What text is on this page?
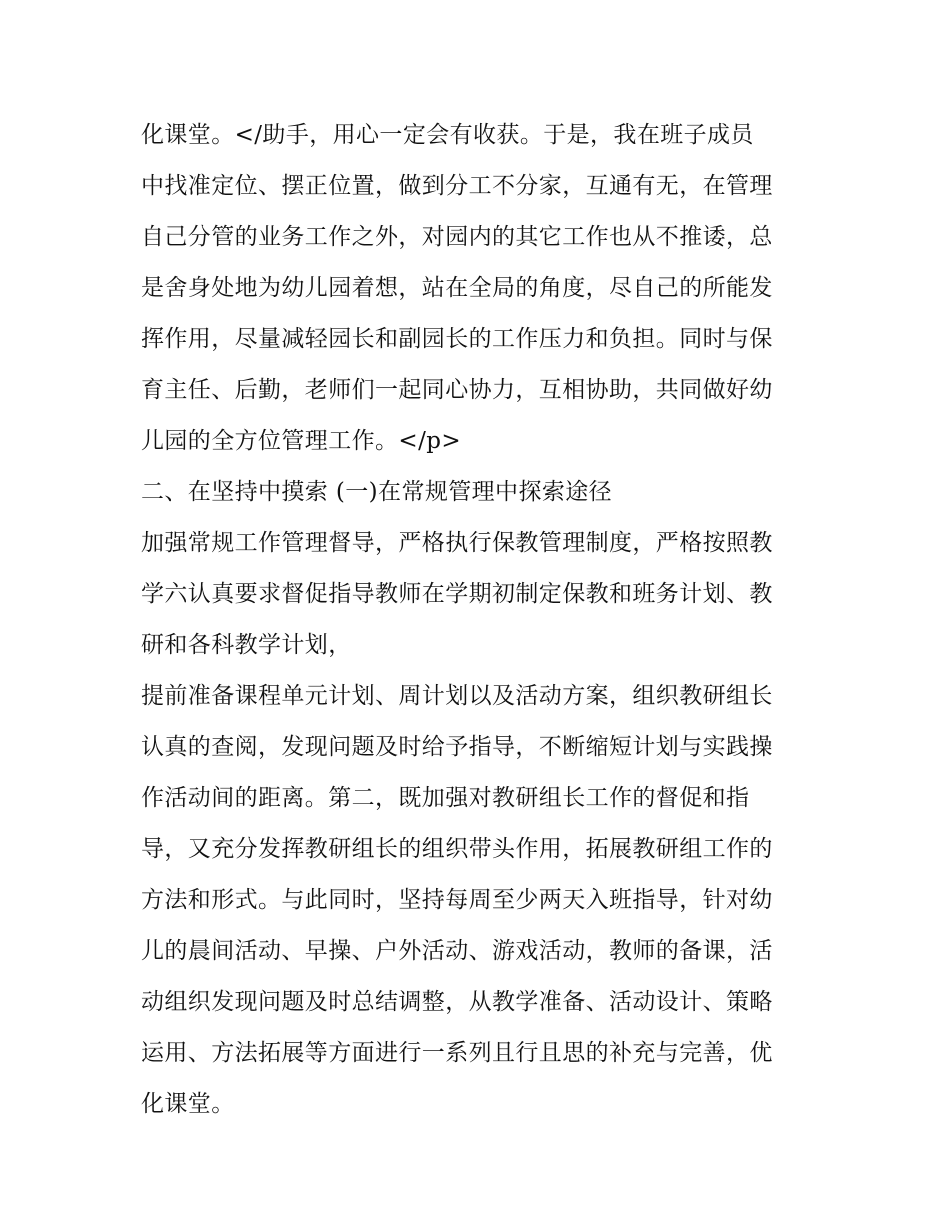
化课堂。</助手，用心一定会有收获。于是，我在班子成员
中找准定位、摆正位置，做到分工不分家，互通有无，在管理
自己分管的业务工作之外，对园内的其它工作也从不推诿，总
是舍身处地为幼儿园着想，站在全局的角度，尽自己的所能发
挥作用，尽量减轻园长和副园长的工作压力和负担。同时与保
育主任、后勤，老师们一起同心协力，互相协助，共同做好幼
儿园的全方位管理工作。</p>
二、在坚持中摸索 (一)在常规管理中探索途径
加强常规工作管理督导，严格执行保教管理制度，严格按照教
学六认真要求督促指导教师在学期初制定保教和班务计划、教
研和各科教学计划，
提前准备课程单元计划、周计划以及活动方案，组织教研组长
认真的查阅，发现问题及时给予指导，不断缩短计划与实践操
作活动间的距离。第二，既加强对教研组长工作的督促和指
导，又充分发挥教研组长的组织带头作用，拓展教研组工作的
方法和形式。与此同时，坚持每周至少两天入班指导，针对幼
儿的晨间活动、早操、户外活动、游戏活动，教师的备课，活
动组织发现问题及时总结调整，从教学准备、活动设计、策略
运用、方法拓展等方面进行一系列且行且思的补充与完善，优
化课堂。
